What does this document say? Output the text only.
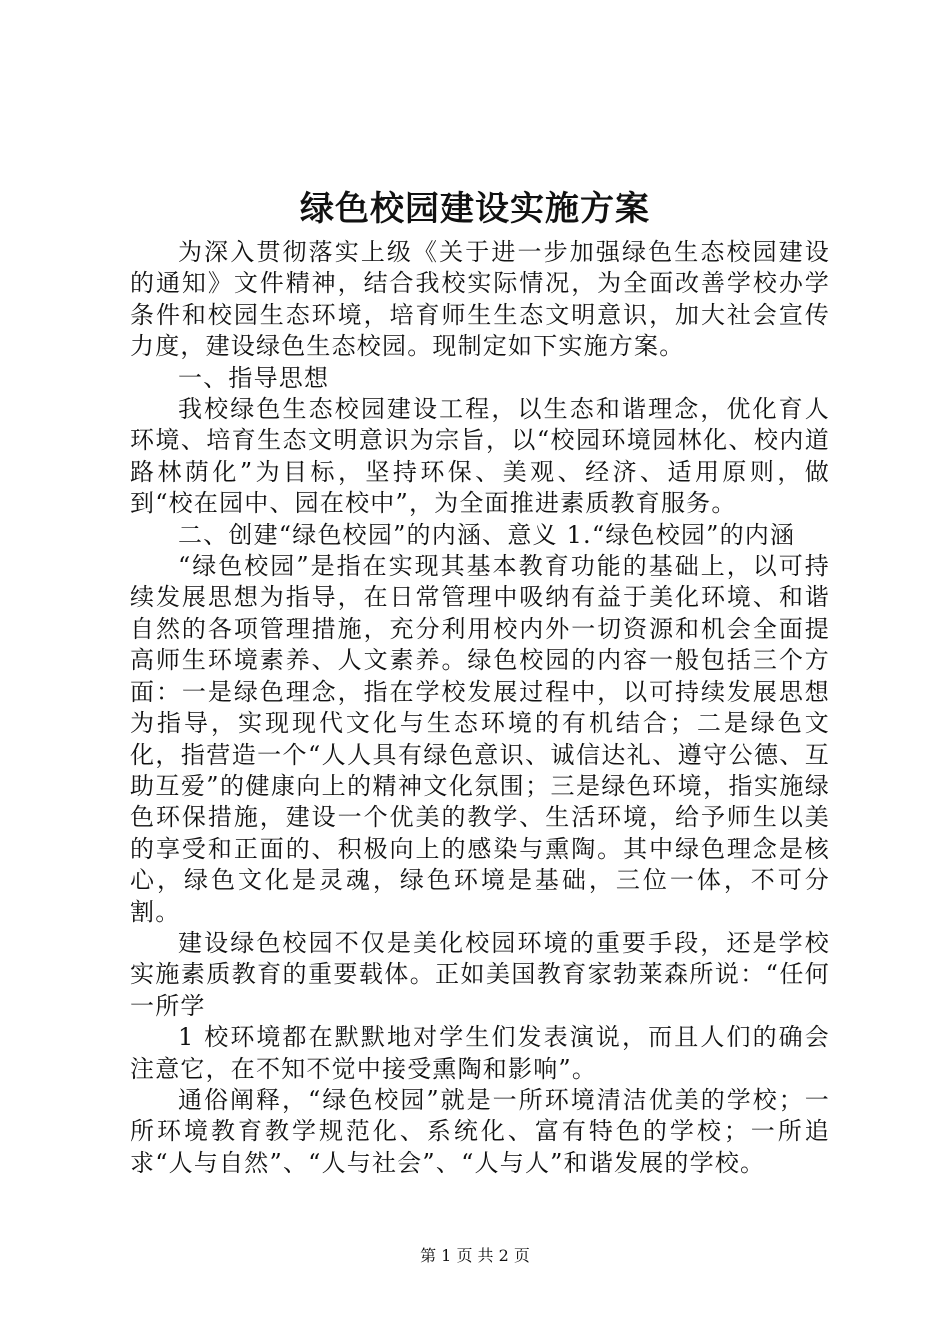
绿色校园建设实施方案

为深入贯彻落实上级《关于进一步加强绿色生态校园建设的通知》文件精神，结合我校实际情况，为全面改善学校办学条件和校园生态环境，培育师生生态文明意识，加大社会宣传力度，建设绿色生态校园。现制定如下实施方案。

一、指导思想

我校绿色生态校园建设工程，以生态和谐理念，优化育人环境、培育生态文明意识为宗旨，以“校园环境园林化、校内道路林荫化”为目标，坚持环保、美观、经济、适用原则，做到“校在园中、园在校中”，为全面推进素质教育服务。

二、创建“绿色校园”的内涵、意义 1.“绿色校园”的内涵

“绿色校园”是指在实现其基本教育功能的基础上，以可持续发展思想为指导，在日常管理中吸纳有益于美化环境、和谐自然的各项管理措施，充分利用校内外一切资源和机会全面提高师生环境素养、人文素养。绿色校园的内容一般包括三个方面：一是绿色理念，指在学校发展过程中，以可持续发展思想为指导，实现现代文化与生态环境的有机结合；二是绿色文化，指营造一个“人人具有绿色意识、诚信达礼、遵守公德、互助互爱”的健康向上的精神文化氛围；三是绿色环境，指实施绿色环保措施，建设一个优美的教学、生活环境，给予师生以美的享受和正面的、积极向上的感染与熏陶。其中绿色理念是核心，绿色文化是灵魂，绿色环境是基础，三位一体，不可分割。

建设绿色校园不仅是美化校园环境的重要手段，还是学校实施素质教育的重要载体。正如美国教育家勃莱森所说：“任何一所学

1 校环境都在默默地对学生们发表演说，而且人们的确会注意它，在不知不觉中接受熏陶和影响”。

通俗阐释，“绿色校园”就是一所环境清洁优美的学校；一所环境教育教学规范化、系统化、富有特色的学校；一所追求“人与自然”、“人与社会”、“人与人”和谐发展的学校。

第 1 页 共 2 页
